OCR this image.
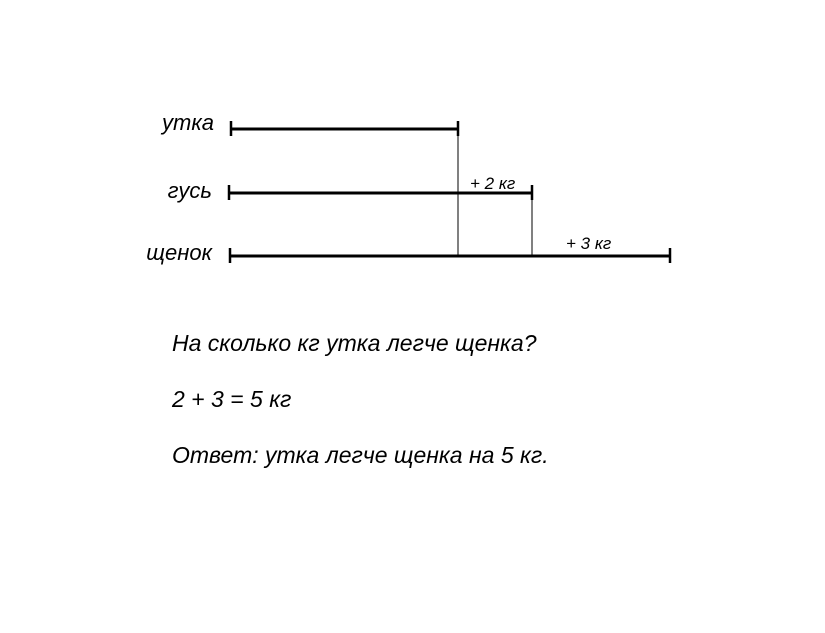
утка
гусь
щенок
+ 2 кг
+ 3 кг
На сколько кг утка легче щенка?
2 + 3 = 5 кг
Ответ: утка легче щенка на 5 кг.
